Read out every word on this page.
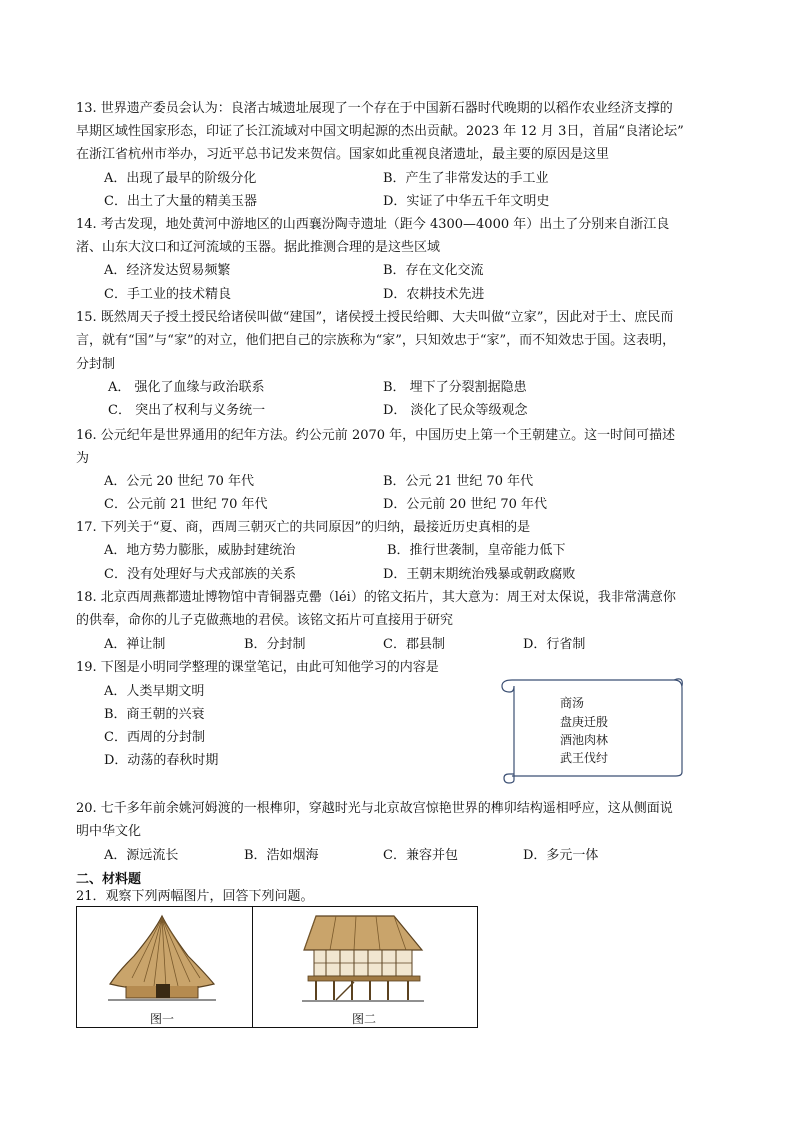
13. 世界遗产委员会认为：良渚古城遗址展现了一个存在于中国新石器时代晚期的以稻作农业经济支撑的
早期区域性国家形态，印证了长江流域对中国文明起源的杰出贡献。2023 年 12 月 3日，首届“良渚论坛”
在浙江省杭州市举办，习近平总书记发来贺信。国家如此重视良渚遗址，最主要的原因是这里
A．出现了最早的阶级分化	B．产生了非常发达的手工业
C．出土了大量的精美玉器	D．实证了中华五千年文明史
14. 考古发现，地处黄河中游地区的山西襄汾陶寺遗址（距今 4300—4000 年）出土了分别来自浙江良
渚、山东大汶口和辽河流域的玉器。据此推测合理的是这些区域
A．经济发达贸易频繁	B．存在文化交流
C．手工业的技术精良	D．农耕技术先进
15. 既然周天子授土授民给诸侯叫做“建国”，诸侯授土授民给卿、大夫叫做“立家”，因此对于士、庶民而
言，就有“国”与“家”的对立，他们把自己的宗族称为“家”，只知效忠于“家”，而不知效忠于国。这表明，
分封制
A． 强化了血缘与政治联系	B． 埋下了分裂割据隐患
C． 突出了权利与义务统一	D． 淡化了民众等级观念
16. 公元纪年是世界通用的纪年方法。约公元前 2070 年，中国历史上第一个王朝建立。这一时间可描述
为
A．公元 20 世纪 70 年代	B．公元 21 世纪 70 年代
C．公元前 21 世纪 70 年代	D．公元前 20 世纪 70 年代
17. 下列关于“夏、商，西周三朝灭亡的共同原因”的归纳，最接近历史真相的是
A．地方势力膨胀，威胁封建统治	B．推行世袭制，皇帝能力低下
C．没有处理好与犬戎部族的关系	D．王朝末期统治残暴或朝政腐败
18. 北京西周燕都遗址博物馆中青铜器克罍（léi）的铭文拓片，其大意为：周王对太保说，我非常满意你
的供奉，命你的儿子克做燕地的君侯。该铭文拓片可直接用于研究
A．禅让制	B．分封制	C．郡县制	D．行省制
19. 下图是小明同学整理的课堂笔记，由此可知他学习的内容是
A．人类早期文明
B．商王朝的兴衰
C．西周的分封制
D．动荡的春秋时期
商汤
盘庚迁殷
酒池肉林
武王伐纣
20. 七千多年前余姚河姆渡的一根榫卯，穿越时光与北京故宫惊艳世界的榫卯结构遥相呼应，这从侧面说
明中华文化
A．源远流长	B．浩如烟海	C．兼容并包	D．多元一体
二、材料题
21．观察下列两幅图片，回答下列问题。
图一	图二
